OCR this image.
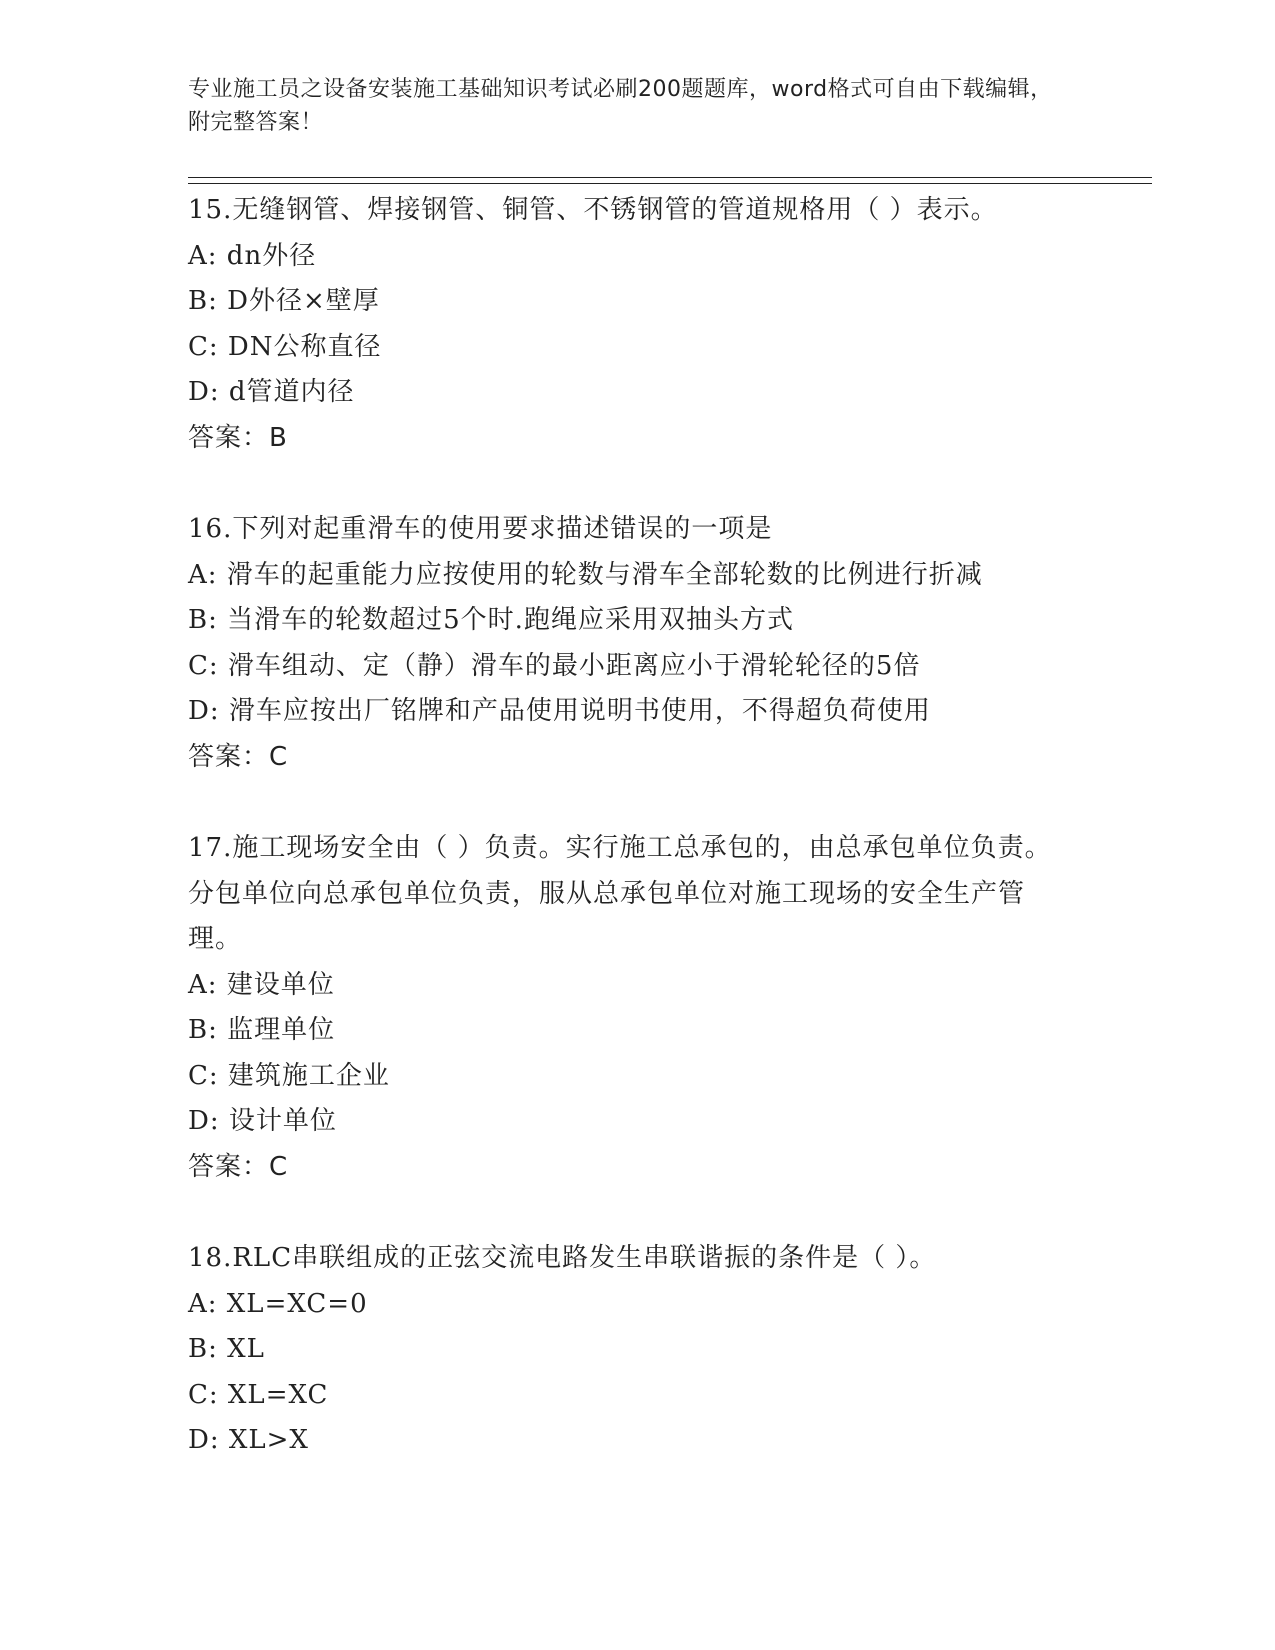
专业施工员之设备安装施工基础知识考试必刷200题题库，word格式可自由下载编辑，附完整答案！

15.无缝钢管、焊接钢管、铜管、不锈钢管的管道规格用（ ）表示。

A: dn外径

B: D外径×壁厚

C: DN公称直径

D: d管道内径

答案：B

16.下列对起重滑车的使用要求描述错误的一项是

A: 滑车的起重能力应按使用的轮数与滑车全部轮数的比例进行折减

B: 当滑车的轮数超过5个时.跑绳应采用双抽头方式

C: 滑车组动、定（静）滑车的最小距离应小于滑轮轮径的5倍

D: 滑车应按出厂铭牌和产品使用说明书使用，不得超负荷使用

答案：C

17.施工现场安全由（ ）负责。实行施工总承包的，由总承包单位负责。分包单位向总承包单位负责，服从总承包单位对施工现场的安全生产管理。

A: 建设单位

B: 监理单位

C: 建筑施工企业

D: 设计单位

答案：C

18.RLC串联组成的正弦交流电路发生串联谐振的条件是（ ）。

A: XL=XC=0

B: XL

C: XL=XC

D: XL>X
